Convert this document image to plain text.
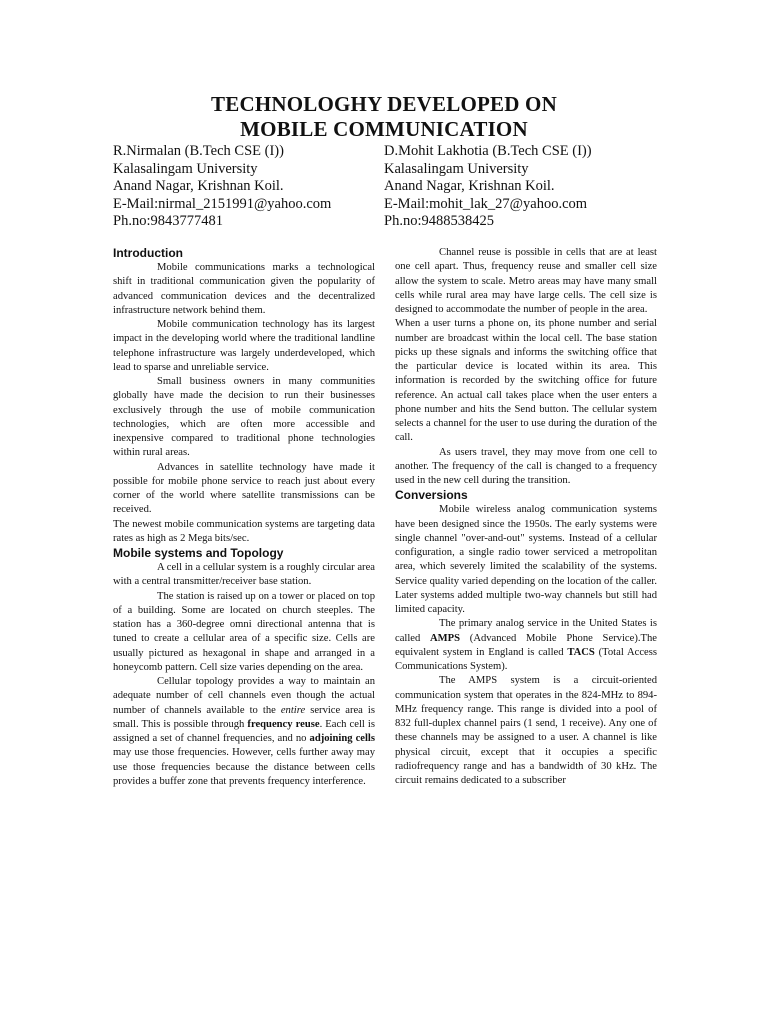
TECHNOLOGHY DEVELOPED ON
MOBILE COMMUNICATION
R.Nirmalan (B.Tech CSE (I))
Kalasalingam University
Anand Nagar, Krishnan Koil.
E-Mail:nirmal_2151991@yahoo.com
Ph.no:9843777481
D.Mohit Lakhotia (B.Tech CSE (I))
Kalasalingam University
Anand Nagar, Krishnan Koil.
E-Mail:mohit_lak_27@yahoo.com
Ph.no:9488538425
Introduction

Mobile communications marks a technological shift in traditional communication given the popularity of advanced communication devices and the decentralized infrastructure network behind them.

Mobile communication technology has its largest impact in the developing world where the traditional landline telephone infrastructure was largely underdeveloped, which lead to sparse and unreliable service.

Small business owners in many communities globally have made the decision to run their businesses exclusively through the use of mobile communication technologies, which are often more accessible and inexpensive compared to traditional phone technologies within rural areas.

Advances in satellite technology have made it possible for mobile phone service to reach just about every corner of the world where satellite transmissions can be received.

The newest mobile communication systems are targeting data rates as high as 2 Mega bits/sec.

Mobile systems and Topology

A cell in a cellular system is a roughly circular area with a central transmitter/receiver base station.

The station is raised up on a tower or placed on top of a building. Some are located on church steeples. The station has a 360-degree omni directional antenna that is tuned to create a cellular area of a specific size. Cells are usually pictured as hexagonal in shape and arranged in a honeycomb pattern. Cell size varies depending on the area.

Cellular topology provides a way to maintain an adequate number of cell channels even though the actual number of channels available to the entire service area is small. This is possible through frequency reuse. Each cell is assigned a set of channel frequencies, and no adjoining cells may use those frequencies. However, cells further away may use those frequencies because the distance between cells provides a buffer zone that prevents frequency interference.

Channel reuse is possible in cells that are at least one cell apart. Thus, frequency reuse and smaller cell size allow the system to scale. Metro areas may have many small cells while rural area may have large cells. The cell size is designed to accommodate the number of people in the area.

When a user turns a phone on, its phone number and serial number are broadcast within the local cell. The base station picks up these signals and informs the switching office that the particular device is located within its area. This information is recorded by the switching office for future reference. An actual call takes place when the user enters a phone number and hits the Send button. The cellular system selects a channel for the user to use during the duration of the call.

As users travel, they may move from one cell to another. The frequency of the call is changed to a frequency used in the new cell during the transition.

Conversions

Mobile wireless analog communication systems have been designed since the 1950s. The early systems were single channel "over-and-out" systems. Instead of a cellular configuration, a single radio tower serviced a metropolitan area, which severely limited the scalability of the systems. Service quality varied depending on the location of the caller. Later systems added multiple two-way channels but still had limited capacity.

The primary analog service in the United States is called AMPS (Advanced Mobile Phone Service).The equivalent system in England is called TACS (Total Access Communications System).

The AMPS system is a circuit-oriented communication system that operates in the 824-MHz to 894-MHz frequency range. This range is divided into a pool of 832 full-duplex channel pairs (1 send, 1 receive). Any one of these channels may be assigned to a user. A channel is like physical circuit, except that it occupies a specific radiofrequency range and has a bandwidth of 30 kHz. The circuit remains dedicated to a subscriber
